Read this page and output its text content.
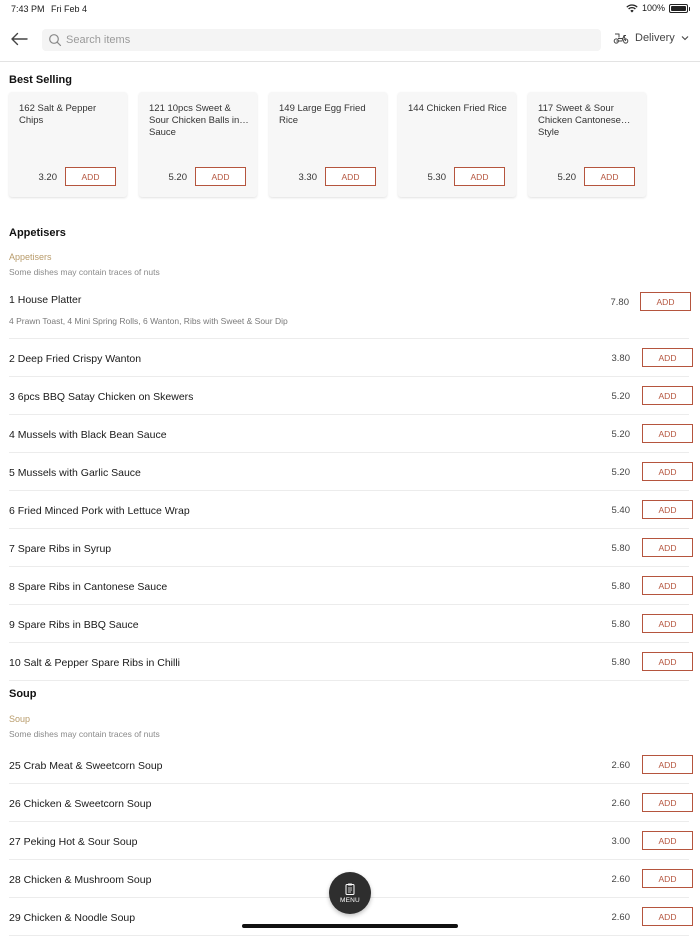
7:43 PM Fri Feb 4	100%
Search items
Delivery
Best Selling
162 Salt & Pepper Chips
3.20	ADD
121 10pcs Sweet & Sour Chicken Balls in Sauce
5.20	ADD
149 Large Egg Fried Rice
3.30	ADD
144 Chicken Fried Rice
5.30	ADD
117 Sweet & Sour Chicken Cantonese Style
5.20	ADD
Appetisers
Appetisers
Some dishes may contain traces of nuts
1 House Platter
4 Prawn Toast, 4 Mini Spring Rolls, 6 Wanton, Ribs with Sweet & Sour Dip
7.80	ADD
2 Deep Fried Crispy Wanton	3.80	ADD
3 6pcs BBQ Satay Chicken on Skewers	5.20	ADD
4 Mussels with Black Bean Sauce	5.20	ADD
5 Mussels with Garlic Sauce	5.20	ADD
6 Fried Minced Pork with Lettuce Wrap	5.40	ADD
7 Spare Ribs in Syrup	5.80	ADD
8 Spare Ribs in Cantonese Sauce	5.80	ADD
9 Spare Ribs in BBQ Sauce	5.80	ADD
10 Salt & Pepper Spare Ribs in Chilli	5.80	ADD
Soup
Soup
Some dishes may contain traces of nuts
25 Crab Meat & Sweetcorn Soup	2.60	ADD
26 Chicken & Sweetcorn Soup	2.60	ADD
27 Peking Hot & Sour Soup	3.00	ADD
28 Chicken & Mushroom Soup	2.60	ADD
29 Chicken & Noodle Soup	2.60	ADD
MENU
